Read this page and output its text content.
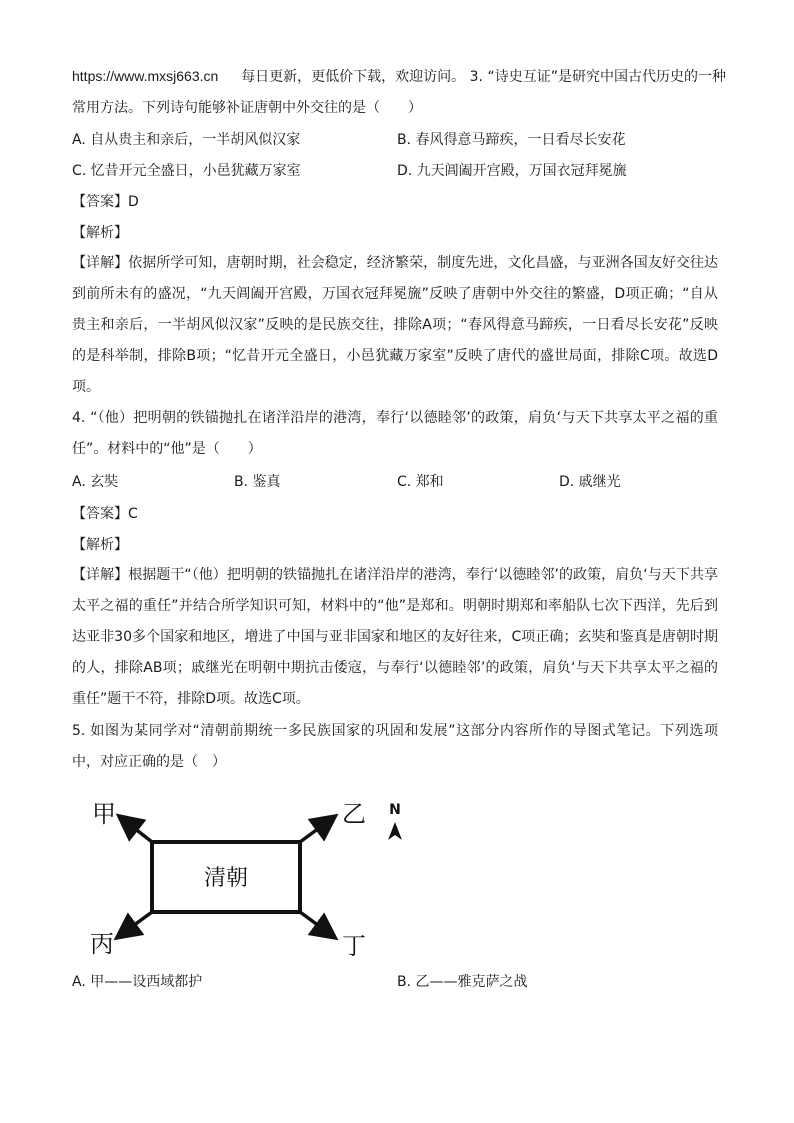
https://www.mxsj663.cn 每日更新，更低价下载，欢迎访问。 3. “诗史互证”是研究中国古代历史的一种
常用方法。下列诗句能够补证唐朝中外交往的是（　　）
A. 自从贵主和亲后，一半胡风似汉家	B. 春风得意马蹄疾，一日看尽长安花
C. 忆昔开元全盛日，小邑犹藏万家室	D. 九天阊阖开宫殿，万国衣冠拜冕旒
【答案】D
【解析】
【详解】依据所学可知，唐朝时期，社会稳定，经济繁荣，制度先进，文化昌盛，与亚洲各国友好交往达到前所未有的盛况，“九天阊阖开宫殿，万国衣冠拜冕旒”反映了唐朝中外交往的繁盛，D项正确；“自从贵主和亲后，一半胡风似汉家”反映的是民族交往，排除A项；“春风得意马蹄疾，一日看尽长安花”反映的是科举制，排除B项；“忆昔开元全盛日，小邑犹藏万家室”反映了唐代的盛世局面，排除C项。故选D项。
4. “（他）把明朝的铁锚抛扎在诸洋沿岸的港湾，奉行‘以德睦邻’的政策，肩负‘与天下共享太平之福的重任”。材料中的“他”是（　　）
A. 玄奘	B. 鉴真	C. 郑和	D. 戚继光
【答案】C
【解析】
【详解】根据题干“（他）把明朝的铁锚抛扎在诸洋沿岸的港湾，奉行‘以德睦邻’的政策，肩负‘与天下共享太平之福的重任”并结合所学知识可知，材料中的“他”是郑和。明朝时期郑和率船队七次下西洋，先后到达亚非30多个国家和地区，增进了中国与亚非国家和地区的友好往来，C项正确；玄奘和鉴真是唐朝时期的人，排除AB项；戚继光在明朝中期抗击倭寇，与奉行‘以德睦邻’的政策，肩负‘与天下共享太平之福的重任”题干不符，排除D项。故选C项。
5. 如图为某同学对“清朝前期统一多民族国家的巩固和发展”这部分内容所作的导图式笔记。下列选项中，对应正确的是（　）
清朝
甲	乙
丙	丁
N
A. 甲——设西域都护	B. 乙——雅克萨之战
